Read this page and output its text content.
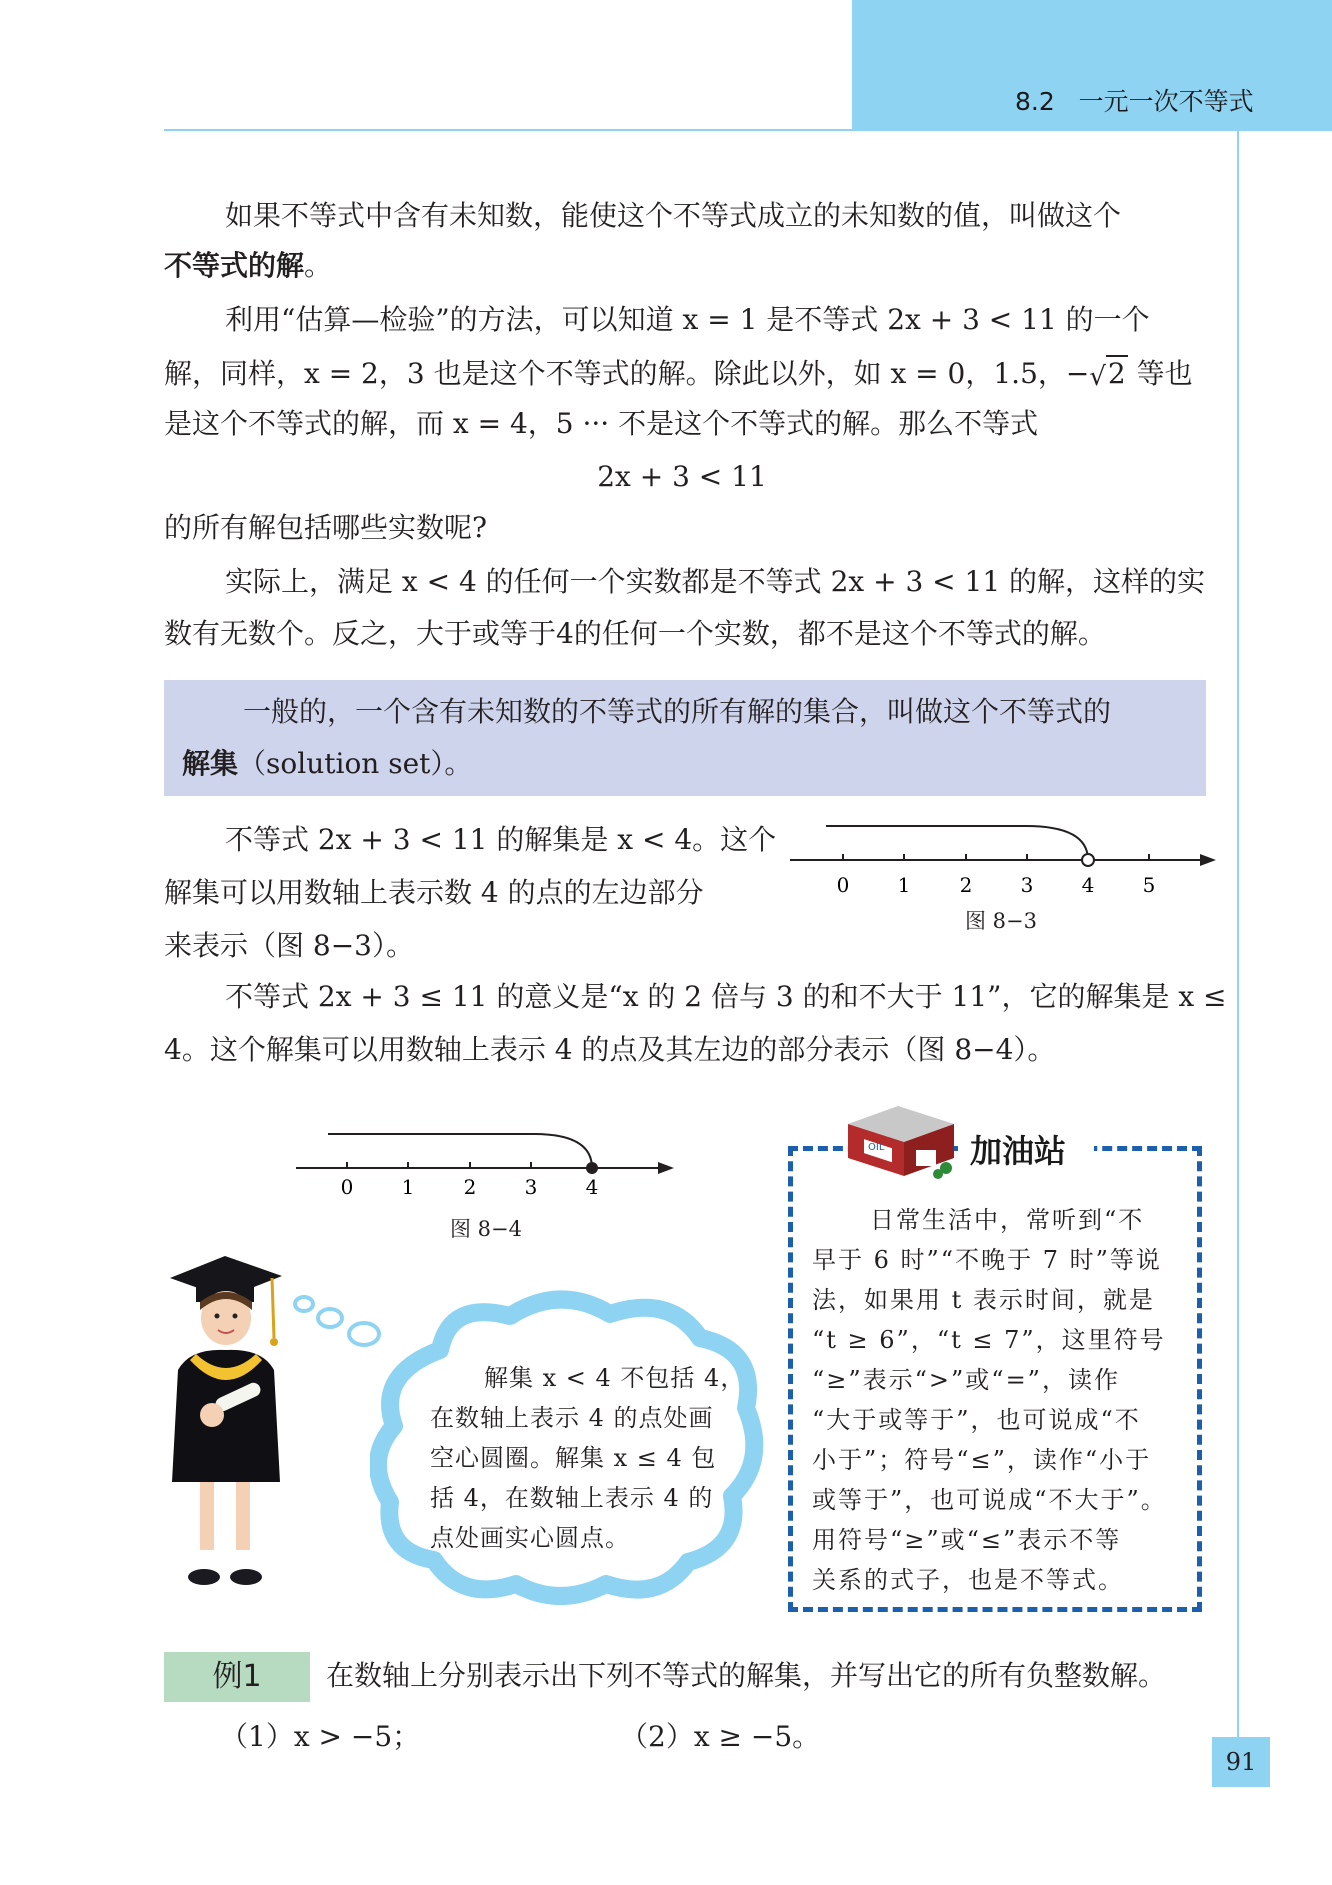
8.2 一元一次不等式
如果不等式中含有未知数，能使这个不等式成立的未知数的值，叫做这个
不等式的解。
利用“估算—检验”的方法，可以知道 x = 1 是不等式 2x + 3 < 11 的一个
解，同样，x = 2，3 也是这个不等式的解。除此以外，如 x = 0，1.5，−√2 等也
是这个不等式的解，而 x = 4，5 ··· 不是这个不等式的解。那么不等式
2x + 3 < 11
的所有解包括哪些实数呢?
实际上，满足 x < 4 的任何一个实数都是不等式 2x + 3 < 11 的解，这样的实
数有无数个。反之，大于或等于4的任何一个实数，都不是这个不等式的解。
一般的，一个含有未知数的不等式的所有解的集合，叫做这个不等式的
解集（solution set）。
不等式 2x + 3 < 11 的解集是 x < 4。这个
解集可以用数轴上表示数 4 的点的左边部分
来表示（图 8−3）。
0 1 2 3 4 5
图 8−3
不等式 2x + 3 ≤ 11 的意义是“x 的 2 倍与 3 的和不大于 11”，它的解集是 x ≤
4。这个解集可以用数轴上表示 4 的点及其左边的部分表示（图 8−4）。
0 1 2 3 4
图 8−4
解集 x < 4 不包括 4，
在数轴上表示 4 的点处画
空心圆圈。解集 x ≤ 4 包
括 4，在数轴上表示 4 的
点处画实心圆点。
OIL	加油站
日常生活中，常听到“不
早于 6 时”“不晚于 7 时”等说
法，如果用 t 表示时间，就是
“t ≥ 6”，“t ≤ 7”，这里符号
“≥”表示“>”或“=”，读作
“大于或等于”，也可说成“不
小于”；符号“≤”，读作“小于
或等于”，也可说成“不大于”。
用符号“≥”或“≤”表示不等
关系的式子，也是不等式。
例1	在数轴上分别表示出下列不等式的解集，并写出它的所有负整数解。
（1）x > −5；	（2）x ≥ −5。
91
